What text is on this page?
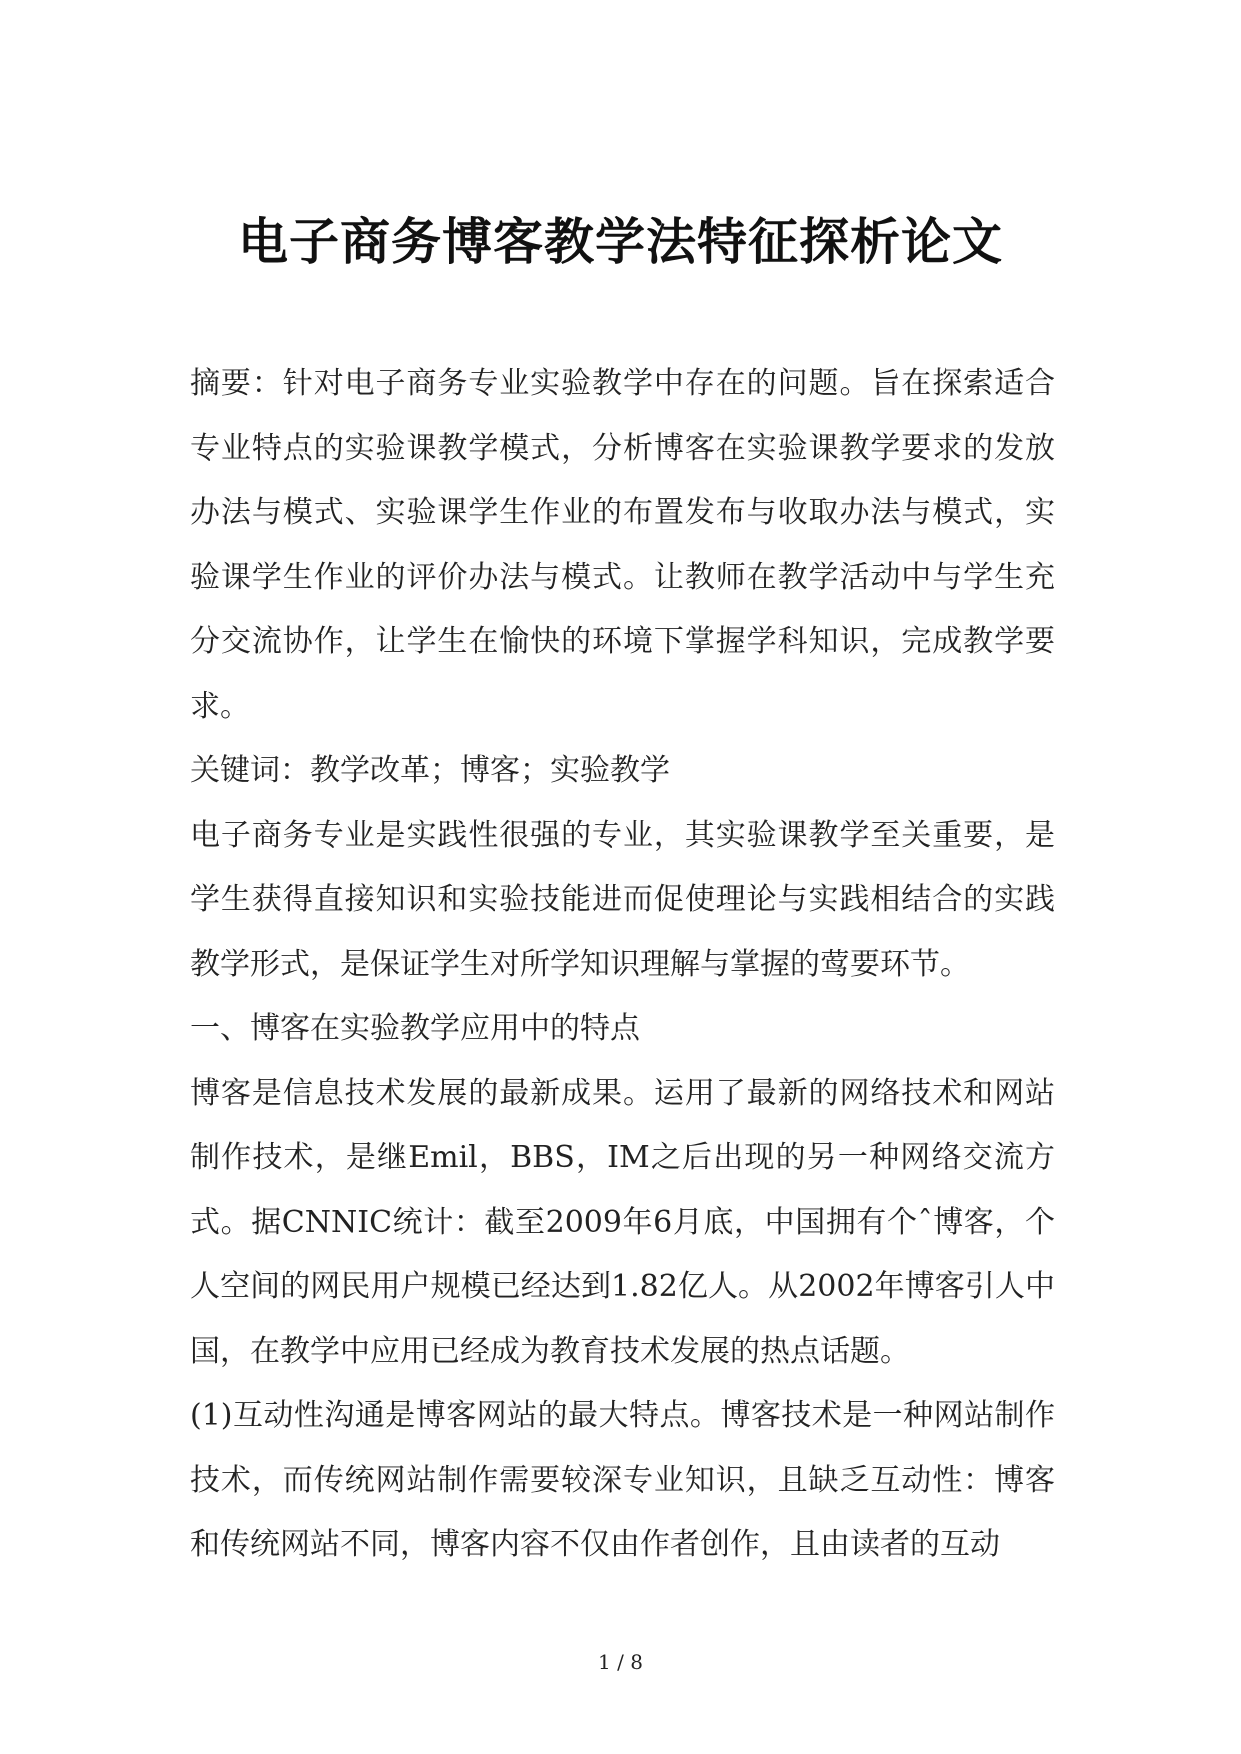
电子商务博客教学法特征探析论文

摘要：针对电子商务专业实验教学中存在的问题。旨在探索适合专业特点的实验课教学模式，分析博客在实验课教学要求的发放办法与模式、实验课学生作业的布置发布与收取办法与模式，实验课学生作业的评价办法与模式。让教师在教学活动中与学生充分交流协作，让学生在愉快的环境下掌握学科知识，完成教学要求。

关键词：教学改革；博客；实验教学

电子商务专业是实践性很强的专业，其实验课教学至关重要，是学生获得直接知识和实验技能进而促使理论与实践相结合的实践教学形式，是保证学生对所学知识理解与掌握的莺要环节。

一、博客在实验教学应用中的特点

博客是信息技术发展的最新成果。运用了最新的网络技术和网站制作技术，是继Emil，BBS，IM之后出现的另一种网络交流方式。据CNNIC统计：截至2009年6月底，中国拥有个ˆ博客，个人空间的网民用户规模已经达到1.82亿人。从2002年博客引人中国，在教学中应用已经成为教育技术发展的热点话题。

(1)互动性沟通是博客网站的最大特点。博客技术是一种网站制作技术，而传统网站制作需要较深专业知识，且缺乏互动性：博客和传统网站不同，博客内容不仅由作者创作，且由读者的互动

1 / 8
